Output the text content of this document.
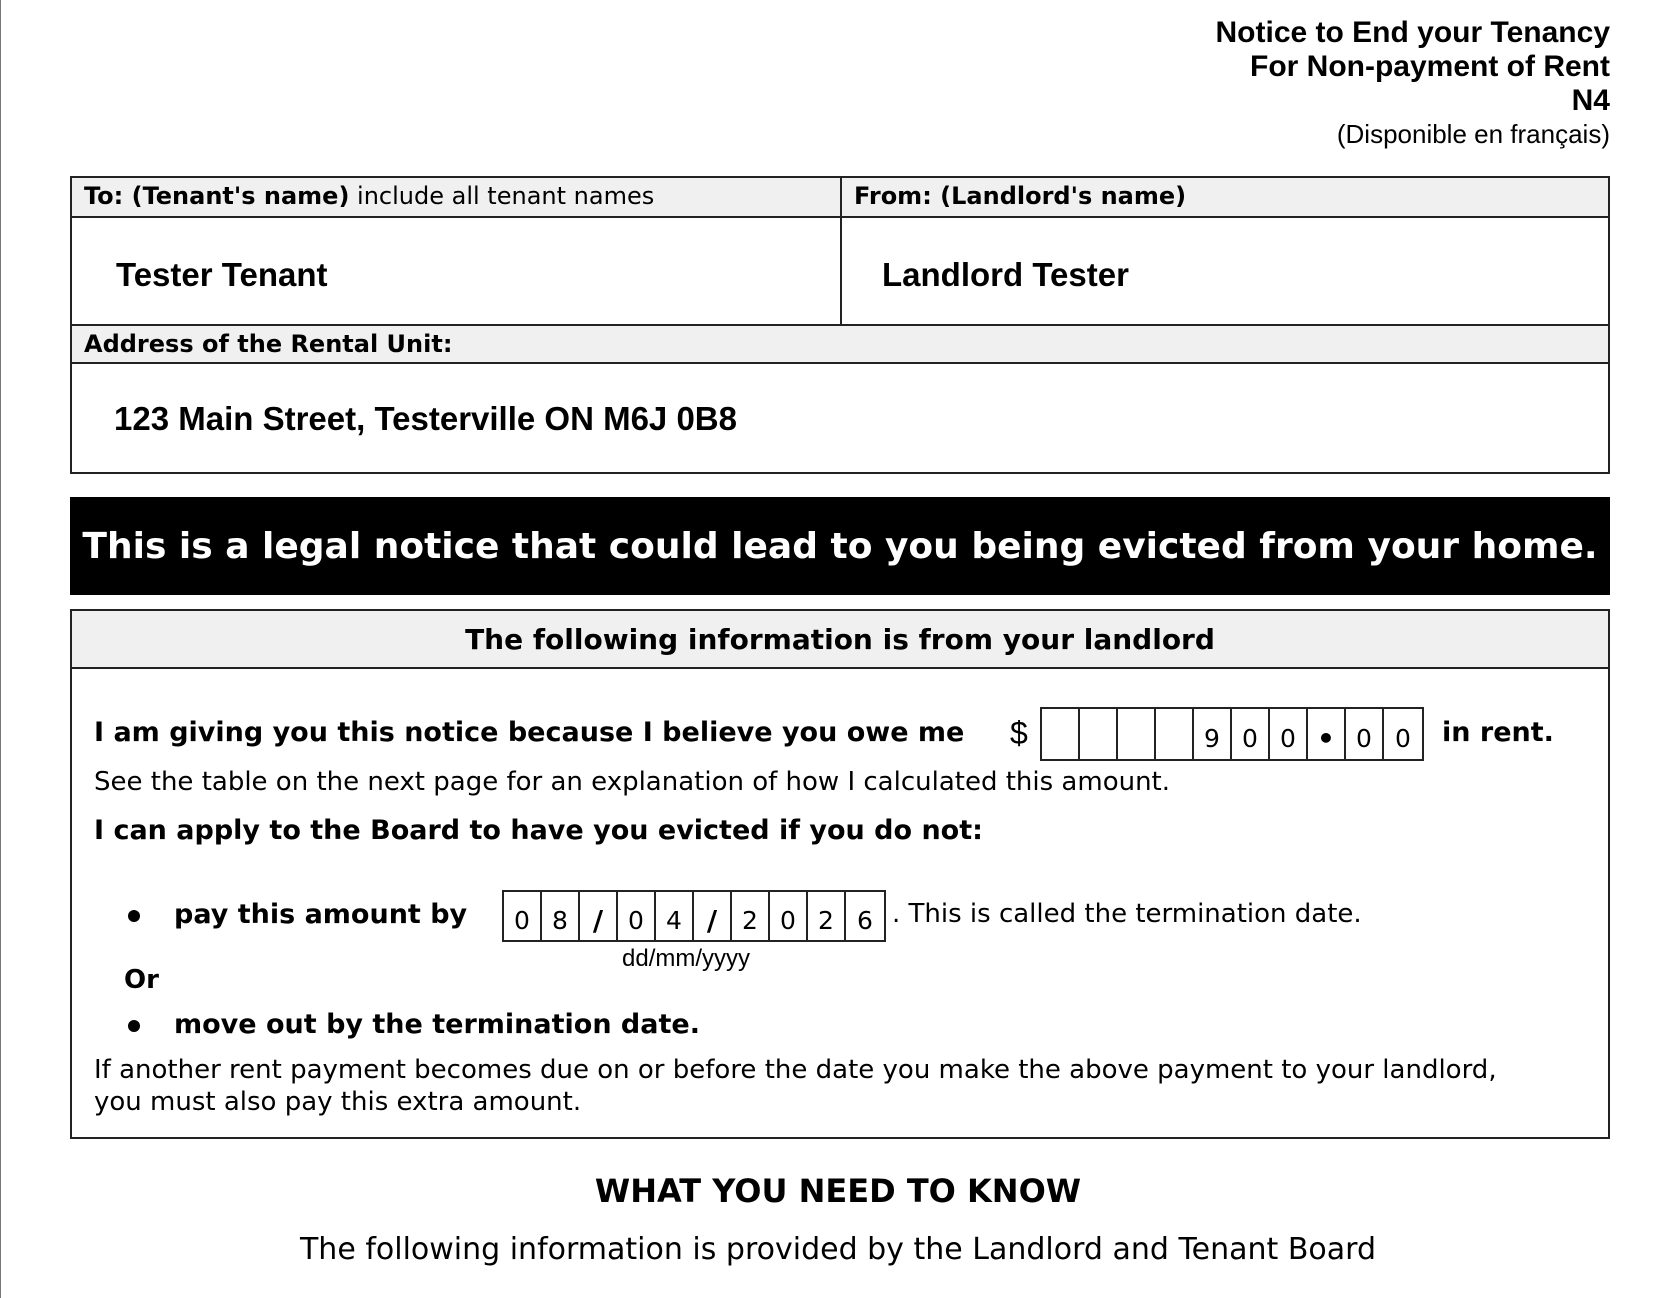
Notice to End your Tenancy
For Non-payment of Rent
N4
(Disponible en français)
To: (Tenant's name) include all tenant names	From: (Landlord's name)
Tester Tenant	Landlord Tester
Address of the Rental Unit:
123 Main Street, Testerville ON M6J 0B8
This is a legal notice that could lead to you being evicted from your home.
The following information is from your landlord
I am giving you this notice because I believe you owe me $	9 0 0 • 0 0	in rent.
See the table on the next page for an explanation of how I calculated this amount.
I can apply to the Board to have you evicted if you do not:
pay this amount by	0 8 / 0 4 / 2 0 2 6 . This is called the termination date.
dd/mm/yyyy
Or
move out by the termination date.
If another rent payment becomes due on or before the date you make the above payment to your landlord,
you must also pay this extra amount.
WHAT YOU NEED TO KNOW
The following information is provided by the Landlord and Tenant Board
